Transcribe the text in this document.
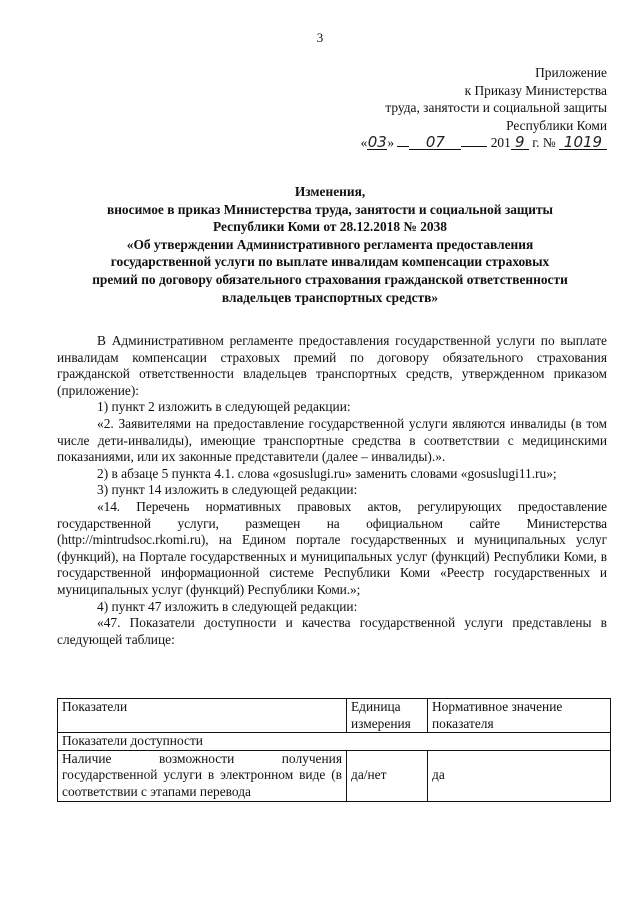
3
Приложение
к Приказу Министерства
труда, занятости и социальной защиты
Республики Коми
«03» 07	201 9 г. № 1019
Изменения,
вносимое в приказ Министерства труда, занятости и социальной защиты
Республики Коми от 28.12.2018 № 2038
«Об утверждении Административного регламента предоставления
государственной услуги по выплате инвалидам компенсации страховых
премий по договору обязательного страхования гражданской ответственности
владельцев транспортных средств»

В Административном регламенте предоставления государственной услуги по выплате инвалидам компенсации страховых премий по договору обязательного страхования гражданской ответственности владельцев транспортных средств, утвержденном приказом (приложение):

1) пункт 2 изложить в следующей редакции:

«2. Заявителями на предоставление государственной услуги являются инвалиды (в том числе дети-инвалиды), имеющие транспортные средства в соответствии с медицинскими показаниями, или их законные представители (далее – инвалиды).».

2) в абзаце 5 пункта 4.1. слова «gosuslugi.ru» заменить словами «gosuslugi11.ru»;

3) пункт 14 изложить в следующей редакции:

«14. Перечень нормативных правовых актов, регулирующих предоставление государственной услуги, размещен на официальном сайте Министерства (http://mintrudsoc.rkomi.ru), на Едином портале государственных и муниципальных услуг (функций), на Портале государственных и муниципальных услуг (функций) Республики Коми, в государственной информационной системе Республики Коми «Реестр государственных и муниципальных услуг (функций) Республики Коми.»;

4) пункт 47 изложить в следующей редакции:

«47. Показатели доступности и качества государственной услуги представлены в следующей таблице:

Показатели	Единица измерения	Нормативное значение показателя
Показатели доступности		
Наличие возможности получения государственной услуги в электронном виде (в соответствии с этапами перевода	да/нет	да
